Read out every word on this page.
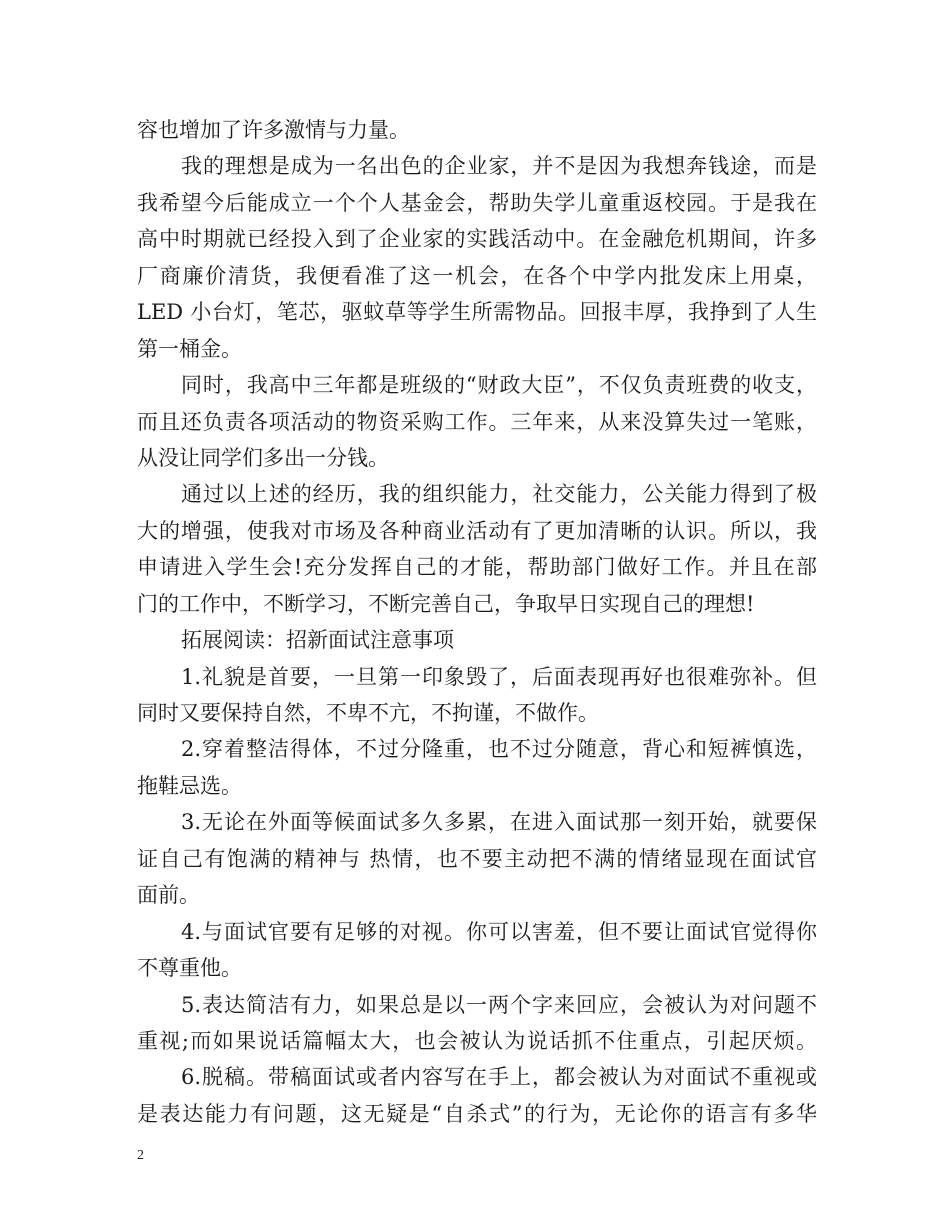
容也增加了许多激情与力量。
我的理想是成为一名出色的企业家，并不是因为我想奔钱途，而是
我希望今后能成立一个个人基金会，帮助失学儿童重返校园。于是我在
高中时期就已经投入到了企业家的实践活动中。在金融危机期间，许多
厂商廉价清货，我便看准了这一机会，在各个中学内批发床上用桌，
LED 小台灯，笔芯，驱蚊草等学生所需物品。回报丰厚，我挣到了人生
第一桶金。
同时，我高中三年都是班级的“财政大臣”，不仅负责班费的收支，
而且还负责各项活动的物资采购工作。三年来，从来没算失过一笔账，
从没让同学们多出一分钱。
通过以上述的经历，我的组织能力，社交能力，公关能力得到了极
大的增强，使我对市场及各种商业活动有了更加清晰的认识。所以，我
申请进入学生会!充分发挥自己的才能，帮助部门做好工作。并且在部
门的工作中，不断学习，不断完善自己，争取早日实现自己的理想!
拓展阅读：招新面试注意事项
1.礼貌是首要，一旦第一印象毁了，后面表现再好也很难弥补。但
同时又要保持自然，不卑不亢，不拘谨，不做作。
2.穿着整洁得体，不过分隆重，也不过分随意，背心和短裤慎选，
拖鞋忌选。
3.无论在外面等候面试多久多累，在进入面试那一刻开始，就要保
证自己有饱满的精神与 热情，也不要主动把不满的情绪显现在面试官
面前。
4.与面试官要有足够的对视。你可以害羞，但不要让面试官觉得你
不尊重他。
5.表达简洁有力，如果总是以一两个字来回应，会被认为对问题不
重视;而如果说话篇幅太大，也会被认为说话抓不住重点，引起厌烦。
6.脱稿。带稿面试或者内容写在手上，都会被认为对面试不重视或
是表达能力有问题，这无疑是“自杀式”的行为，无论你的语言有多华
2
